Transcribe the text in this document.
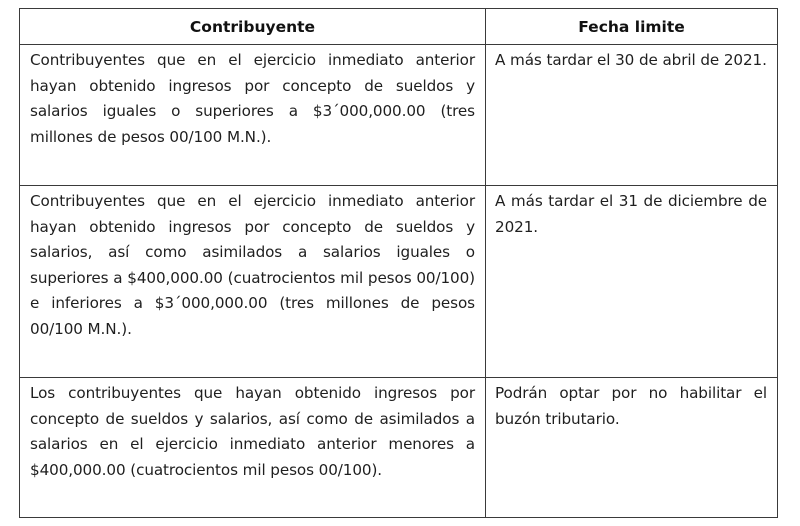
Contribuyente	Fecha limite
Contribuyentes que en el ejercicio inmediato anterior hayan obtenido ingresos por concepto de sueldos y salarios iguales o superiores a $3´000,000.00 (tres millones de pesos 00/100 M.N.).	A más tardar el 30 de abril de 2021.
Contribuyentes que en el ejercicio inmediato anterior hayan obtenido ingresos por concepto de sueldos y salarios, así como asimilados a salarios iguales o superiores a $400,000.00 (cuatrocientos mil pesos 00/100) e inferiores a $3´000,000.00 (tres millones de pesos 00/100 M.N.).	A más tardar el 31 de diciembre de 2021.
Los contribuyentes que hayan obtenido ingresos por concepto de sueldos y salarios, así como de asimilados a salarios en el ejercicio inmediato anterior menores a $400,000.00 (cuatrocientos mil pesos 00/100).	Podrán optar por no habilitar el buzón tributario.
